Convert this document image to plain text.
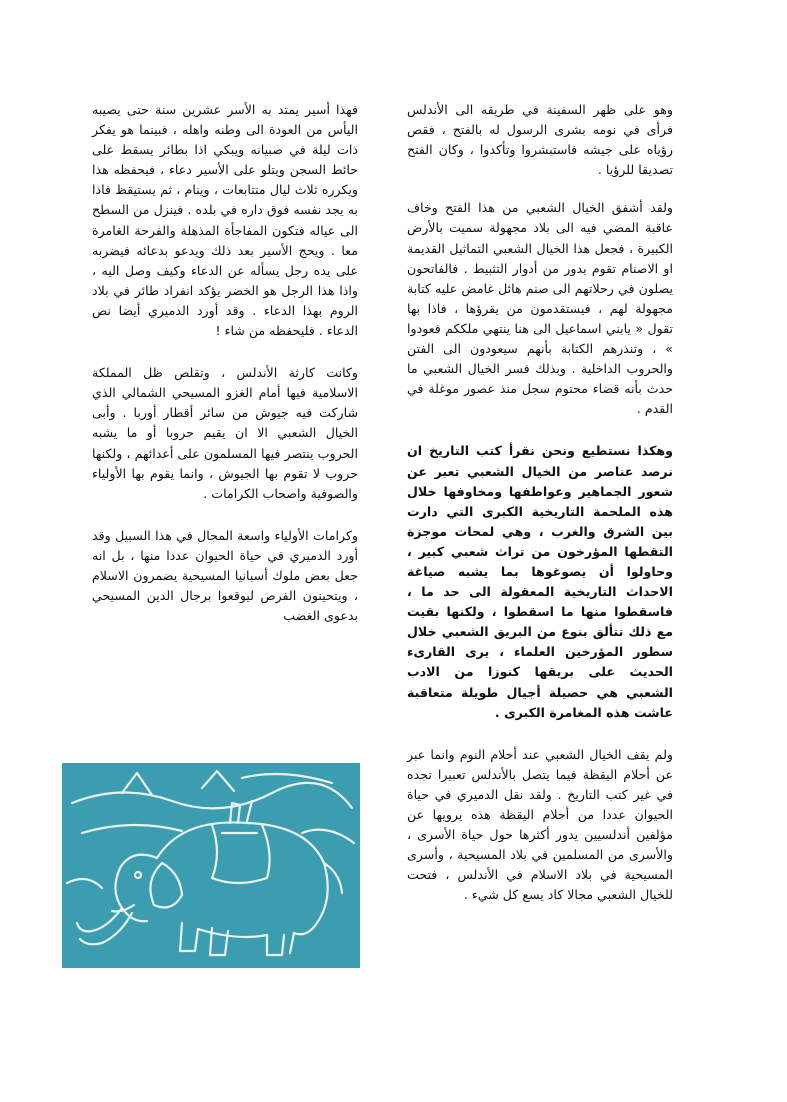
وهو على ظهر السفينة في طريقه الى الأندلس فرأى في نومه بشرى الرسول له بالفتح ، فقص رؤياه على جيشه فاستبشروا وتأكدوا ، وكان الفتح تصديقا للرؤيا .

ولقد أشفق الخيال الشعبي من هذا الفتح وخاف عاقبة المضي فيه الى بلاد مجهولة سميت بالأرض الكبيرة ، فجعل هذا الخيال الشعبي التماثيل القديمة او الاصنام تقوم بدور من أدوار التثبيط . فالفاتحون يصلون في رحلاتهم الى صنم هائل غامض عليه كتابة مجهولة لهم ، فيستقدمون من يقرؤها ، فاذا بها تقول « يابني اسماعيل الى هنا ينتهي ملككم فعودوا » ، وتنذرهم الكتابة بأنهم سيعودون الى الفتن والحروب الداخلية . وبذلك فسر الخيال الشعبي ما حدث بأنه قضاء محتوم سجل منذ عصور موغلة في القدم .

وهكذا نستطيع ونحن نقرأ كتب التاريخ ان نرصد عناصر من الخيال الشعبي تعبر عن شعور الجماهير وعواطفها ومخاوفها خلال هذه الملحمة التاريخية الكبرى التي دارت بين الشرق والغرب ، وهي لمحات موجزة التقطها المؤرخون من تراث شعبي كبير ، وحاولوا أن يصوغوها بما يشبه صياغة الاحداث التاريخية المعقولة الى حد ما ، فاسقطوا منها ما اسقطوا ، ولكنها بقيت مع ذلك تتألق بنوع من البريق الشعبي خلال سطور المؤرخين العلماء ، يرى القارىء الحديث على بريقها كنوزا من الادب الشعبي هي حصيلة أجيال طويلة متعاقبة عاشت هذه المغامرة الكبرى .

ولم يقف الخيال الشعبي عند أحلام النوم وانما عبر عن أحلام اليقظة فيما يتصل بالأندلس تعبيرا تجده في غير كتب التاريخ . ولقد نقل الدميري في حياة الحيوان عددا من أحلام اليقظة هذه يرويها عن مؤلفين أندلسيين يدور أكثرها حول حياة الأسرى ، والأسرى من المسلمين في بلاد المسيحية ، وأسرى المسيحية في بلاد الاسلام في الأندلس ، فتحت للخيال الشعبي مجالا كاد يسع كل شيء .

فهذا أسير يمتد به الأسر عشرين سنة حتى يصيبه اليأس من العودة الى وطنه واهله ، فبينما هو يفكر ذات ليلة في صبيانه ويبكي اذا بطائر يسقط على حائط السجن ويتلو على الأسير دعاء ، فيحفظه هذا ويكرره ثلاث ليال متتابعات ، وينام ، ثم يستيقظ فاذا به يجد نفسه فوق داره في بلده . فينزل من السطح الى عياله فتكون المفاجأة المذهلة والفرحة الغامرة معا . ويحج الأسير بعد ذلك ويدعو بدعائه فيضربه على يده رجل يسأله عن الدعاء وكيف وصل اليه ، واذا هذا الرجل هو الخضر يؤكد انفراد طائر في بلاد الروم بهذا الدعاء . وقد أورد الدميري أيضا نص الدعاء . فليحفظه من شاء !

وكانت كارثة الأندلس ، وتقلص ظل المملكة الاسلامية فيها أمام الغزو المسيحي الشمالي الذي شاركت فيه جيوش من سائر أقطار أوربا . وأبى الخيال الشعبي الا ان يقيم حروبا أو ما يشبه الحروب ينتصر فيها المسلمون على أعدائهم ، ولكنها حروب لا تقوم بها الجيوش ، وانما يقوم بها الأولياء والصوفية واصحاب الكرامات .

وكرامات الأولياء واسعة المجال في هذا السبيل وقد أورد الدميري في حياة الحيوان عددا منها ، بل انه جعل بعض ملوك أسبانيا المسيحية يضمرون الاسلام ، ويتحينون الفرص ليوقعوا برجال الدين المسيحي بدعوى الغضب
